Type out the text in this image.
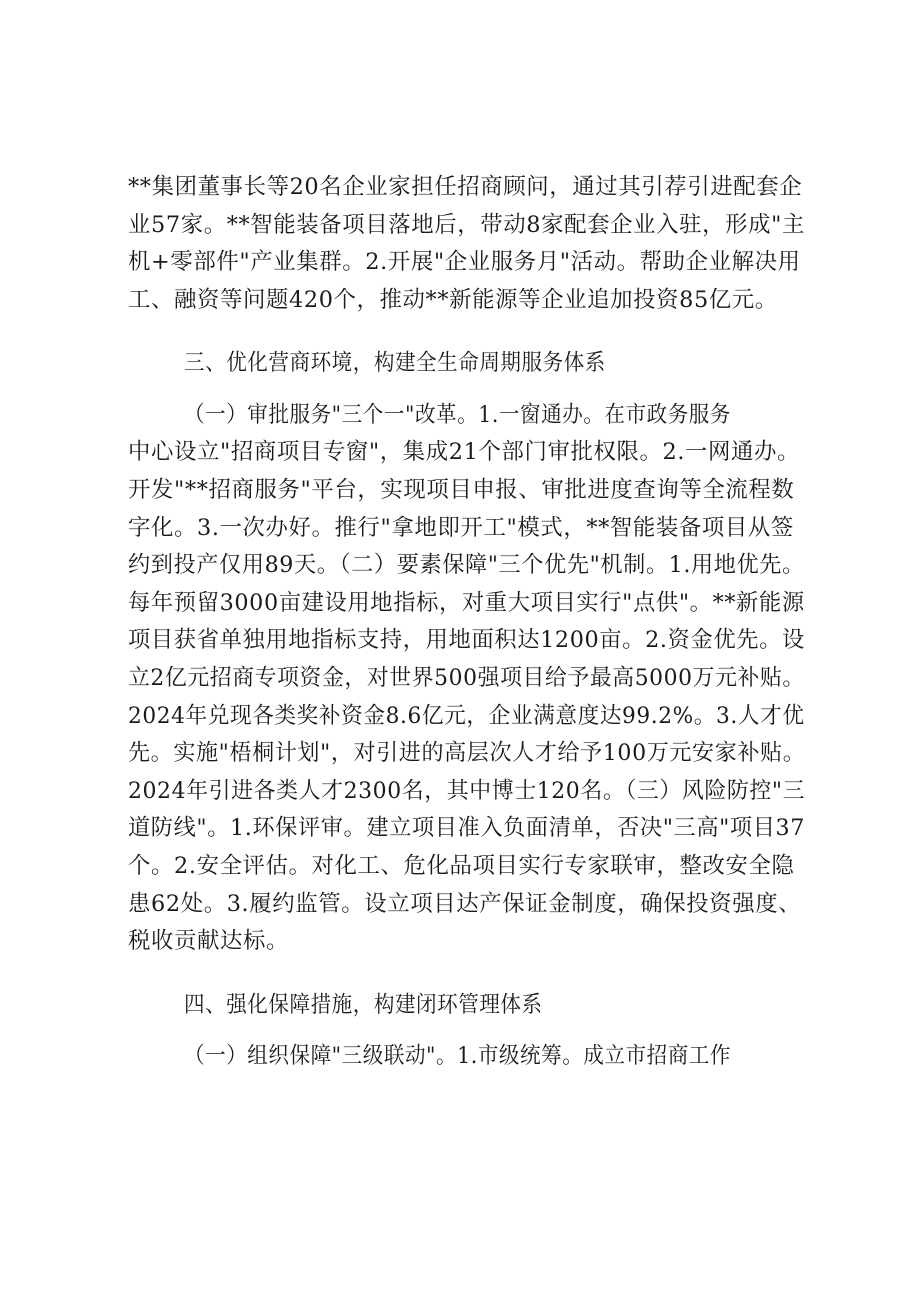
**集团董事长等20名企业家担任招商顾问，通过其引荐引进配套企
业57家。**智能装备项目落地后，带动8家配套企业入驻，形成"主
机+零部件"产业集群。2.开展"企业服务月"活动。帮助企业解决用
工、融资等问题420个，推动**新能源等企业追加投资85亿元。
三、优化营商环境，构建全生命周期服务体系
（一）审批服务"三个一"改革。1.一窗通办。在市政务服务
中心设立"招商项目专窗"，集成21个部门审批权限。2.一网通办。
开发"**招商服务"平台，实现项目申报、审批进度查询等全流程数
字化。3.一次办好。推行"拿地即开工"模式，**智能装备项目从签
约到投产仅用89天。（二）要素保障"三个优先"机制。1.用地优先。
每年预留3000亩建设用地指标，对重大项目实行"点供"。**新能源
项目获省单独用地指标支持，用地面积达1200亩。2.资金优先。设
立2亿元招商专项资金，对世界500强项目给予最高5000万元补贴。
2024年兑现各类奖补资金8.6亿元，企业满意度达99.2%。3.人才优
先。实施"梧桐计划"，对引进的高层次人才给予100万元安家补贴。
2024年引进各类人才2300名，其中博士120名。（三）风险防控"三
道防线"。1.环保评审。建立项目准入负面清单，否决"三高"项目37
个。2.安全评估。对化工、危化品项目实行专家联审，整改安全隐
患62处。3.履约监管。设立项目达产保证金制度，确保投资强度、
税收贡献达标。
四、强化保障措施，构建闭环管理体系
（一）组织保障"三级联动"。1.市级统筹。成立市招商工作
